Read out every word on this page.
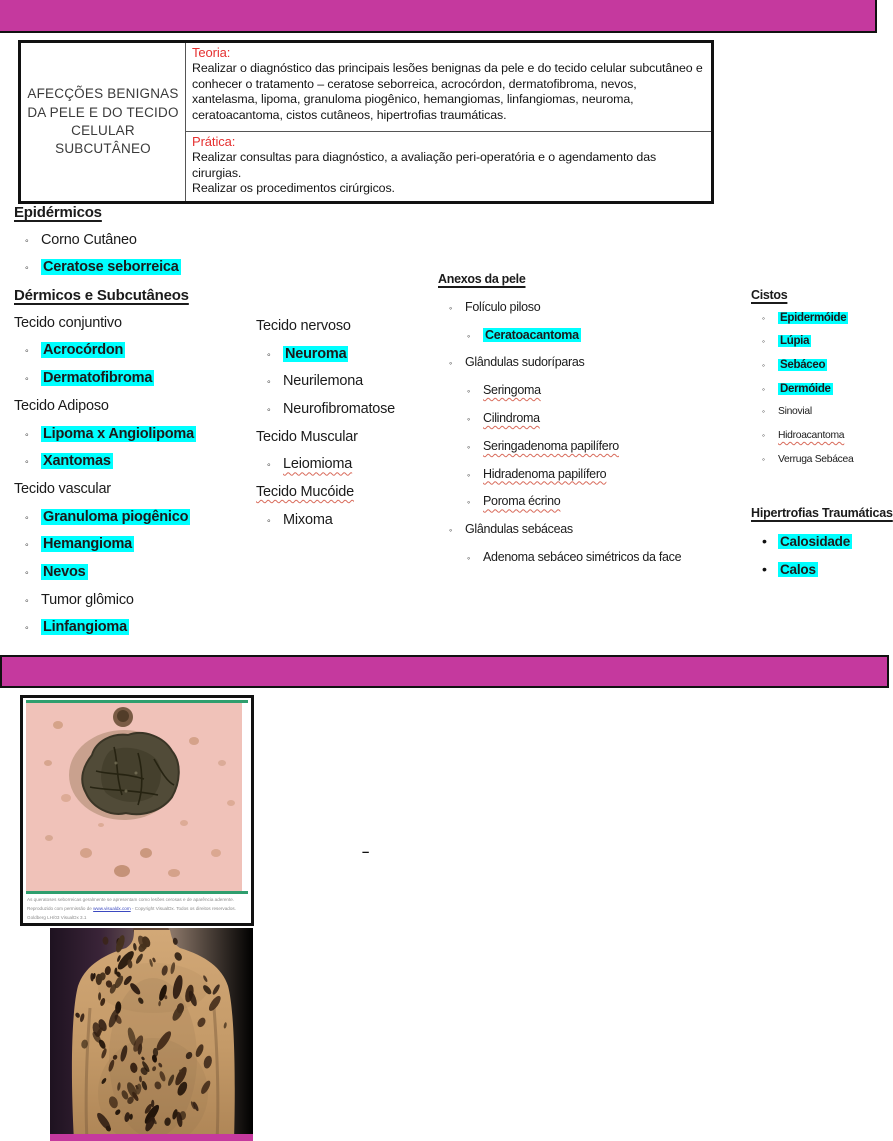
AFECÇÕES BENIGNAS DA PELE E DO TECIDO CELULAR SUBCUTÂNEO
Teoria:
Realizar o diagnóstico das principais lesões benignas da pele e do tecido celular subcutâneo e conhecer o tratamento – ceratose seborreica, acrocórdon, dermatofibroma, nevos, xantelasma, lipoma, granuloma piogênico, hemangiomas, linfangiomas, neuroma, ceratoacantoma, cistos cutâneos, hipertrofias traumáticas.
Prática:

Realizar consultas para diagnóstico, a avaliação peri-operatória e o agendamento das cirurgias.

Realizar os procedimentos cirúrgicos.

Epidérmicos
◦ Corno Cutâneo
◦ Ceratose seborreica
Dérmicos e Subcutâneos
Tecido conjuntivo
◦ Acrocórdon
◦ Dermatofibroma
Tecido Adiposo
◦ Lipoma x Angiolipoma
◦ Xantomas
Tecido vascular
◦ Granuloma piogênico
◦ Hemangioma
◦ Nevos
◦ Tumor glômico
◦ Linfangioma
Tecido nervoso
◦ Neuroma
◦ Neurilemona
◦ Neurofibromatose
Tecido Muscular
◦ Leiomioma
Tecido Mucóide
◦ Mixoma
Anexos da pele
◦	Folículo piloso
◦	Ceratoacantoma
◦	Glândulas sudoríparas
◦	Seringoma
◦	Cilindroma
◦	Seringadenoma papilífero
◦	Hidradenoma papilífero
◦	Poroma écrino
◦	Glândulas sebáceas
◦	Adenoma sebáceo simétricos da face
Cistos
◦	Epidermóide
◦	Lúpia
◦	Sebáceo
◦	Dermóide
◦	Sinovial
◦	Hidroacantoma
◦	Verruga Sebácea
Hipertrofias Traumáticas
• Calosidade
• Calos
–
As queratoses seborreicas geralmente se apresentam como lesões cerosas e de aparência aderente.
Reproduzido com permissão de www.visualdx.com - Copyright VisualDx. Todos os direitos reservados.
Goldberg LH/03 VisualDx 3.1
